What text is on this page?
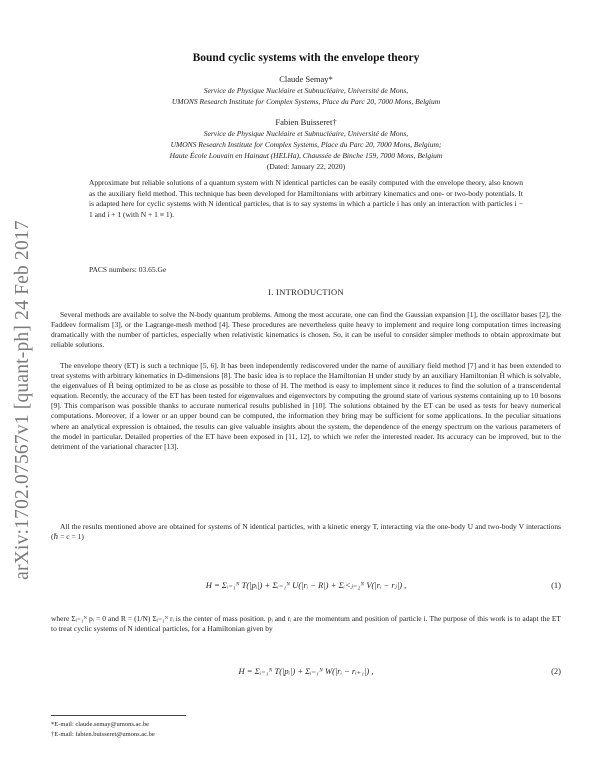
arXiv:1702.07567v1 [quant-ph] 24 Feb 2017
Bound cyclic systems with the envelope theory
Claude Semay*
Service de Physique Nucléaire et Subnucléaire, Université de Mons,
UMONS Research Institute for Complex Systems, Place du Parc 20, 7000 Mons, Belgium
Fabien Buisseret†
Service de Physique Nucléaire et Subnucléaire, Université de Mons,
UMONS Research Institute for Complex Systems, Place du Parc 20, 7000 Mons, Belgium;
Haute École Louvain en Hainaut (HELHa), Chaussée de Binche 159, 7000 Mons, Belgium
(Dated: January 22, 2020)
Approximate but reliable solutions of a quantum system with N identical particles can be easily computed with the envelope theory, also known as the auxiliary field method. This technique has been developed for Hamiltonians with arbitrary kinematics and one- or two-body potentials. It is adapted here for cyclic systems with N identical particles, that is to say systems in which a particle i has only an interaction with particles i − 1 and i + 1 (with N + 1 ≡ 1).
PACS numbers: 03.65.Ge
I. INTRODUCTION

Several methods are available to solve the N-body quantum problems. Among the most accurate, one can find the Gaussian expansion [1], the oscillator bases [2], the Faddeev formalism [3], or the Lagrange-mesh method [4]. These procedures are nevertheless quite heavy to implement and require long computation times increasing dramatically with the number of particles, especially when relativistic kinematics is chosen. So, it can be useful to consider simpler methods to obtain approximate but reliable solutions.

The envelope theory (ET) is such a technique [5, 6]. It has been independently rediscovered under the name of auxiliary field method [7] and it has been extended to treat systems with arbitrary kinematics in D-dimensions [8]. The basic idea is to replace the Hamiltonian H under study by an auxiliary Hamiltonian H̃ which is solvable, the eigenvalues of H̃ being optimized to be as close as possible to those of H. The method is easy to implement since it reduces to find the solution of a transcendental equation. Recently, the accuracy of the ET has been tested for eigenvalues and eigenvectors by computing the ground state of various systems containing up to 10 bosons [9]. This comparison was possible thanks to accurate numerical results published in [10]. The solutions obtained by the ET can be used as tests for heavy numerical computations. Moreover, if a lower or an upper bound can be computed, the information they bring may be sufficient for some applications. In the peculiar situations where an analytical expression is obtained, the results can give valuable insights about the system, the dependence of the energy spectrum on the various parameters of the model in particular. Detailed properties of the ET have been exposed in [11, 12], to which we refer the interested reader. Its accuracy can be improved, but to the detriment of the variational character [13].

All the results mentioned above are obtained for systems of N identical particles, with a kinetic energy T, interacting via the one-body U and two-body V interactions (ℏ = c = 1)

H = Σᵢ₌₁ᴺ T(|pᵢ|) + Σᵢ₌₁ᴺ U(|rᵢ − R|) + Σᵢ<ⱼ₌₂ᴺ V(|rᵢ − rⱼ|) ,	(1)

where Σᵢ₌₁ᴺ pᵢ = 0 and R = (1/N) Σᵢ₌₁ᴺ rᵢ is the center of mass position. pᵢ and rᵢ are the momentum and position of particle i. The purpose of this work is to adapt the ET to treat cyclic systems of N identical particles, for a Hamiltonian given by

H = Σᵢ₌₁ᴺ T(|pᵢ|) + Σᵢ₌₁ᴺ W(|rᵢ − rᵢ₊₁|) ,	(2)
*E-mail: claude.semay@umons.ac.be
†E-mail: fabien.buisseret@umons.ac.be
